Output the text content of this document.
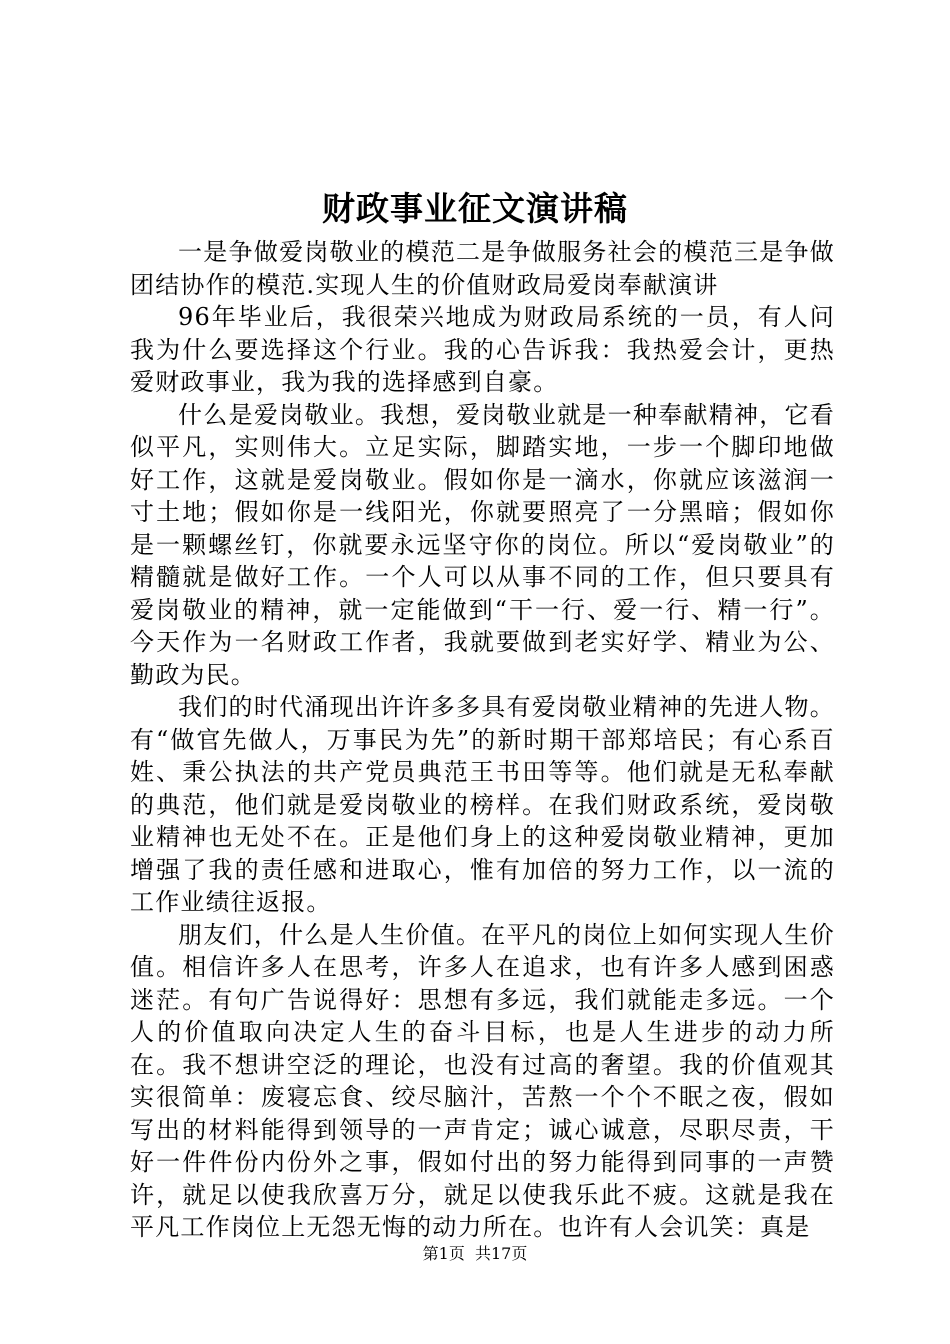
财政事业征文演讲稿

一是争做爱岗敬业的模范二是争做服务社会的模范三是争做团结协作的模范.实现人生的价值财政局爱岗奉献演讲

96年毕业后，我很荣兴地成为财政局系统的一员，有人问我为什么要选择这个行业。我的心告诉我：我热爱会计，更热爱财政事业，我为我的选择感到自豪。

什么是爱岗敬业。我想，爱岗敬业就是一种奉献精神，它看似平凡，实则伟大。立足实际，脚踏实地，一步一个脚印地做好工作，这就是爱岗敬业。假如你是一滴水，你就应该滋润一寸土地；假如你是一线阳光，你就要照亮了一分黑暗；假如你是一颗螺丝钉，你就要永远坚守你的岗位。所以“爱岗敬业”的精髓就是做好工作。一个人可以从事不同的工作，但只要具有爱岗敬业的精神，就一定能做到“干一行、爱一行、精一行”。今天作为一名财政工作者，我就要做到老实好学、精业为公、勤政为民。

我们的时代涌现出许许多多具有爱岗敬业精神的先进人物。有“做官先做人，万事民为先”的新时期干部郑培民；有心系百姓、秉公执法的共产党员典范王书田等等。他们就是无私奉献的典范，他们就是爱岗敬业的榜样。在我们财政系统，爱岗敬业精神也无处不在。正是他们身上的这种爱岗敬业精神，更加增强了我的责任感和进取心，惟有加倍的努力工作，以一流的工作业绩往返报。

朋友们，什么是人生价值。在平凡的岗位上如何实现人生价值。相信许多人在思考，许多人在追求，也有许多人感到困惑迷茫。有句广告说得好：思想有多远，我们就能走多远。一个人的价值取向决定人生的奋斗目标，也是人生进步的动力所在。我不想讲空泛的理论，也没有过高的奢望。我的价值观其实很简单：废寝忘食、绞尽脑汁，苦熬一个个不眠之夜，假如写出的材料能得到领导的一声肯定；诚心诚意，尽职尽责，干好一件件份内份外之事，假如付出的努力能得到同事的一声赞许，就足以使我欣喜万分，就足以使我乐此不疲。这就是我在平凡工作岗位上无怨无悔的动力所在。也许有人会讥笑：真是

第1页  共17页
